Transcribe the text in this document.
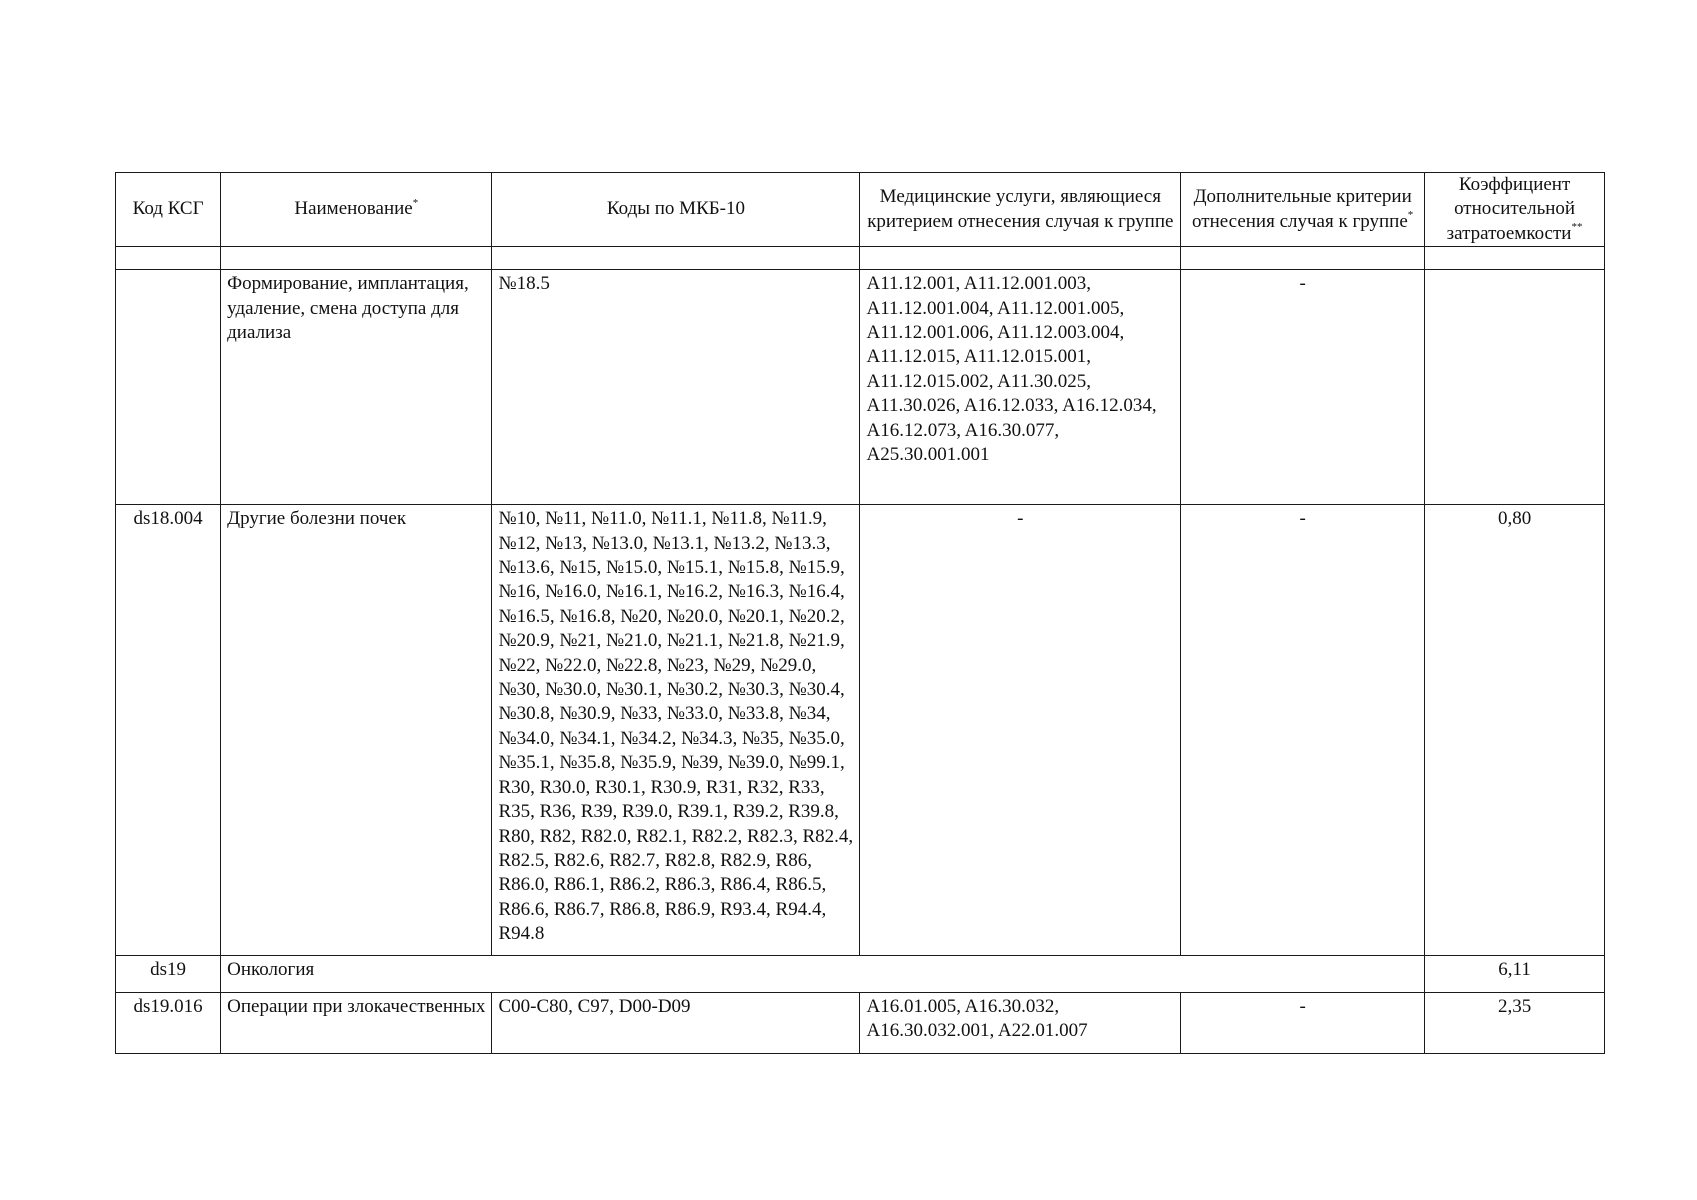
Код КСГ	Наименование*	Коды по МКБ-10	Медицинские услуги, являющиеся критерием отнесения случая к группе	Дополнительные критерии отнесения случая к группе*	Коэффициент относительной затратоемкости**

	Формирование, имплантация, удаление, смена доступа для диализа	№18.5	A11.12.001, A11.12.001.003, A11.12.001.004, A11.12.001.005, A11.12.001.006, A11.12.003.004, A11.12.015, A11.12.015.001, A11.12.015.002, A11.30.025, A11.30.026, A16.12.033, A16.12.034, A16.12.073, A16.30.077, A25.30.001.001	-	
ds18.004	Другие болезни почек	№10, №11, №11.0, №11.1, №11.8, №11.9, №12, №13, №13.0, №13.1, №13.2, №13.3, №13.6, №15, №15.0, №15.1, №15.8, №15.9, №16, №16.0, №16.1, №16.2, №16.3, №16.4, №16.5, №16.8, №20, №20.0, №20.1, №20.2, №20.9, №21, №21.0, №21.1, №21.8, №21.9, №22, №22.0, №22.8, №23, №29, №29.0, №30, №30.0, №30.1, №30.2, №30.3, №30.4, №30.8, №30.9, №33, №33.0, №33.8, №34, №34.0, №34.1, №34.2, №34.3, №35, №35.0, №35.1, №35.8, №35.9, №39, №39.0, №99.1, R30, R30.0, R30.1, R30.9, R31, R32, R33, R35, R36, R39, R39.0, R39.1, R39.2, R39.8, R80, R82, R82.0, R82.1, R82.2, R82.3, R82.4, R82.5, R82.6, R82.7, R82.8, R82.9, R86, R86.0, R86.1, R86.2, R86.3, R86.4, R86.5, R86.6, R86.7, R86.8, R86.9, R93.4, R94.4, R94.8	-	-	0,80
ds19	Онкология				6,11
ds19.016	Операции при злокачественных	C00-C80, C97, D00-D09	A16.01.005, A16.30.032, A16.30.032.001, A22.01.007	-	2,35
